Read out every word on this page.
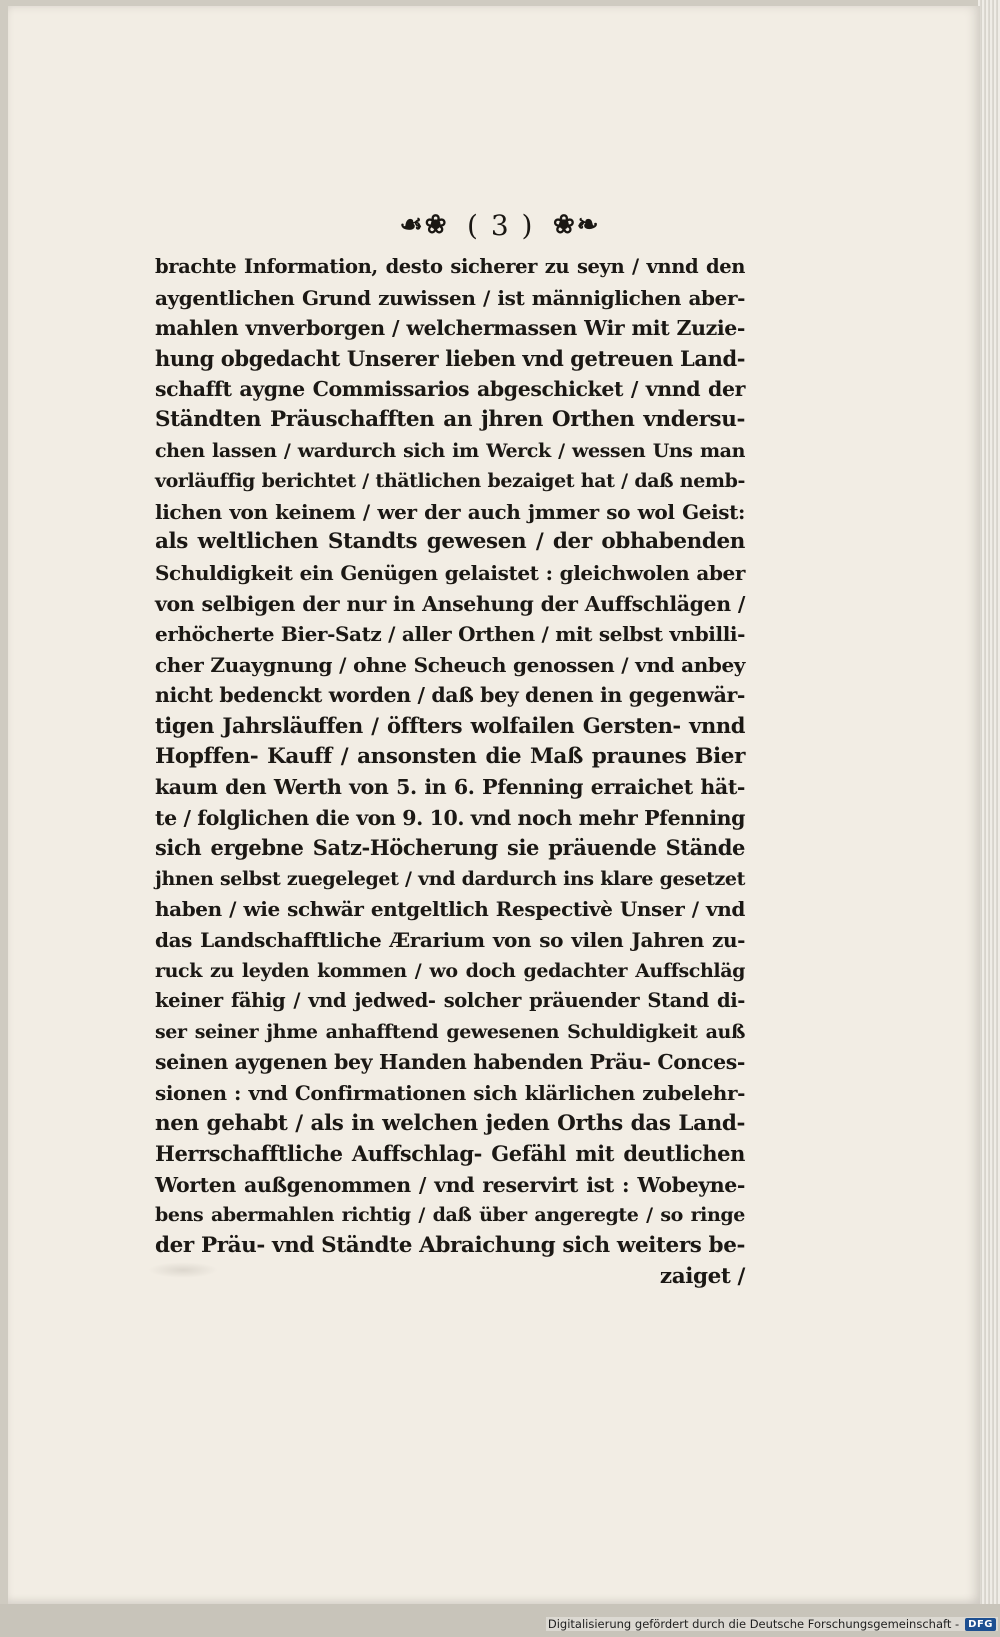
☙❀ ( 3 ) ❀❧
brachte Information, desto sicherer zu seyn / vnnd den
aygentlichen Grund zuwissen / ist männiglichen aber-
mahlen vnverborgen / welchermassen Wir mit Zuzie-
hung obgedacht Unserer lieben vnd getreuen Land-
schafft aygne Commissarios abgeschicket / vnnd der
Ständten Präuschafften an jhren Orthen vndersu-
chen lassen / wardurch sich im Werck / wessen Uns man
vorläuffig berichtet / thätlichen bezaiget hat / daß nemb-
lichen von keinem / wer der auch jmmer so wol Geist:
als weltlichen Standts gewesen / der obhabenden
Schuldigkeit ein Genügen gelaistet : gleichwolen aber
von selbigen der nur in Ansehung der Auffschlägen /
erhöcherte Bier-Satz / aller Orthen / mit selbst vnbilli-
cher Zuaygnung / ohne Scheuch genossen / vnd anbey
nicht bedenckt worden / daß bey denen in gegenwär-
tigen Jahrsläuffen / öffters wolfailen Gersten- vnnd
Hopffen- Kauff / ansonsten die Maß praunes Bier
kaum den Werth von 5. in 6. Pfenning erraichet hät-
te / folglichen die von 9. 10. vnd noch mehr Pfenning
sich ergebne Satz-Höcherung sie präuende Stände
jhnen selbst zuegeleget / vnd dardurch ins klare gesetzet
haben / wie schwär entgeltlich Respectivè Unser / vnd
das Landschafftliche Ærarium von so vilen Jahren zu-
ruck zu leyden kommen / wo doch gedachter Auffschläg
keiner fähig / vnd jedwed- solcher präuender Stand di-
ser seiner jhme anhafftend gewesenen Schuldigkeit auß
seinen aygenen bey Handen habenden Präu- Conces-
sionen : vnd Confirmationen sich klärlichen zubelehr-
nen gehabt / als in welchen jeden Orths das Land-
Herrschafftliche Auffschlag- Gefähl mit deutlichen
Worten außgenommen / vnd reservirt ist : Wobeyne-
bens abermahlen richtig / daß über angeregte / so ringe
der Präu- vnd Ständte Abraichung sich weiters be-
zaiget /
Digitalisierung gefördert durch die Deutsche Forschungsgemeinschaft - DFG
